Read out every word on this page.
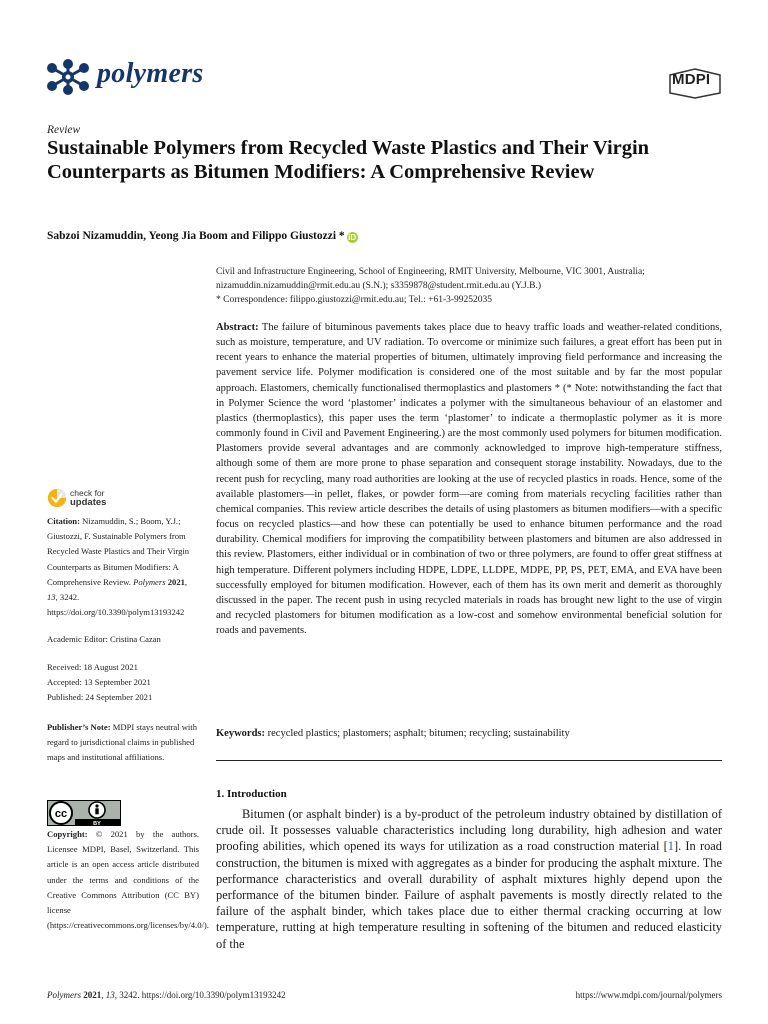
polymers	MDPI
Review
Sustainable Polymers from Recycled Waste Plastics and Their Virgin Counterparts as Bitumen Modifiers: A Comprehensive Review
Sabzoi Nizamuddin, Yeong Jia Boom and Filippo Giustozzi * iD
Civil and Infrastructure Engineering, School of Engineering, RMIT University, Melbourne, VIC 3001, Australia;
nizamuddin.nizamuddin@rmit.edu.au (S.N.); s3359878@student.rmit.edu.au (Y.J.B.)
* Correspondence: filippo.giustozzi@rmit.edu.au; Tel.: +61-3-99252035

Abstract: The failure of bituminous pavements takes place due to heavy traffic loads and weather-related conditions, such as moisture, temperature, and UV radiation. To overcome or minimize such failures, a great effort has been put in recent years to enhance the material properties of bitumen, ultimately improving field performance and increasing the pavement service life. Polymer modification is considered one of the most suitable and by far the most popular approach. Elastomers, chemically functionalised thermoplastics and plastomers * (* Note: notwithstanding the fact that in Polymer Science the word ‘plastomer’ indicates a polymer with the simultaneous behaviour of an elastomer and plastics (thermoplastics), this paper uses the term ‘plastomer’ to indicate a thermoplastic polymer as it is more commonly found in Civil and Pavement Engineering.) are the most commonly used polymers for bitumen modification. Plastomers provide several advantages and are commonly acknowledged to improve high-temperature stiffness, although some of them are more prone to phase separation and consequent storage instability. Nowadays, due to the recent push for recycling, many road authorities are looking at the use of recycled plastics in roads. Hence, some of the available plastomers—in pellet, flakes, or powder form—are coming from materials recycling facilities rather than chemical companies. This review article describes the details of using plastomers as bitumen modifiers—with a specific focus on recycled plastics—and how these can potentially be used to enhance bitumen performance and the road durability. Chemical modifiers for improving the compatibility between plastomers and bitumen are also addressed in this review. Plastomers, either individual or in combination of two or three polymers, are found to offer great stiffness at high temperature. Different polymers including HDPE, LDPE, LLDPE, MDPE, PP, PS, PET, EMA, and EVA have been successfully employed for bitumen modification. However, each of them has its own merit and demerit as thoroughly discussed in the paper. The recent push in using recycled materials in roads has brought new light to the use of virgin and recycled plastomers for bitumen modification as a low-cost and somehow environmental beneficial solution for roads and pavements.

Keywords: recycled plastics; plastomers; asphalt; bitumen; recycling; sustainability

1. Introduction

Bitumen (or asphalt binder) is a by-product of the petroleum industry obtained by distillation of crude oil. It possesses valuable characteristics including long durability, high adhesion and water proofing abilities, which opened its ways for utilization as a road construction material [1]. In road construction, the bitumen is mixed with aggregates as a binder for producing the asphalt mixture. The performance characteristics and overall durability of asphalt mixtures highly depend upon the performance of the bitumen binder. Failure of asphalt pavements is mostly directly related to the failure of the asphalt binder, which takes place due to either thermal cracking occurring at low temperature, rutting at high temperature resulting in softening of the bitumen and reduced elasticity of the

check for
updates

Citation: Nizamuddin, S.; Boom, Y.J.; Giustozzi, F. Sustainable Polymers from Recycled Waste Plastics and Their Virgin Counterparts as Bitumen Modifiers: A Comprehensive Review. Polymers 2021, 13, 3242. https://doi.org/10.3390/polym13193242

Academic Editor: Cristina Cazan
Received: 18 August 2021
Accepted: 13 September 2021
Published: 24 September 2021

Publisher’s Note: MDPI stays neutral with regard to jurisdictional claims in published maps and institutional affiliations.

cc
BY

Copyright: © 2021 by the authors. Licensee MDPI, Basel, Switzerland. This article is an open access article distributed under the terms and conditions of the Creative Commons Attribution (CC BY) license (https://creativecommons.org/licenses/by/4.0/).

Polymers 2021, 13, 3242. https://doi.org/10.3390/polym13193242	https://www.mdpi.com/journal/polymers
